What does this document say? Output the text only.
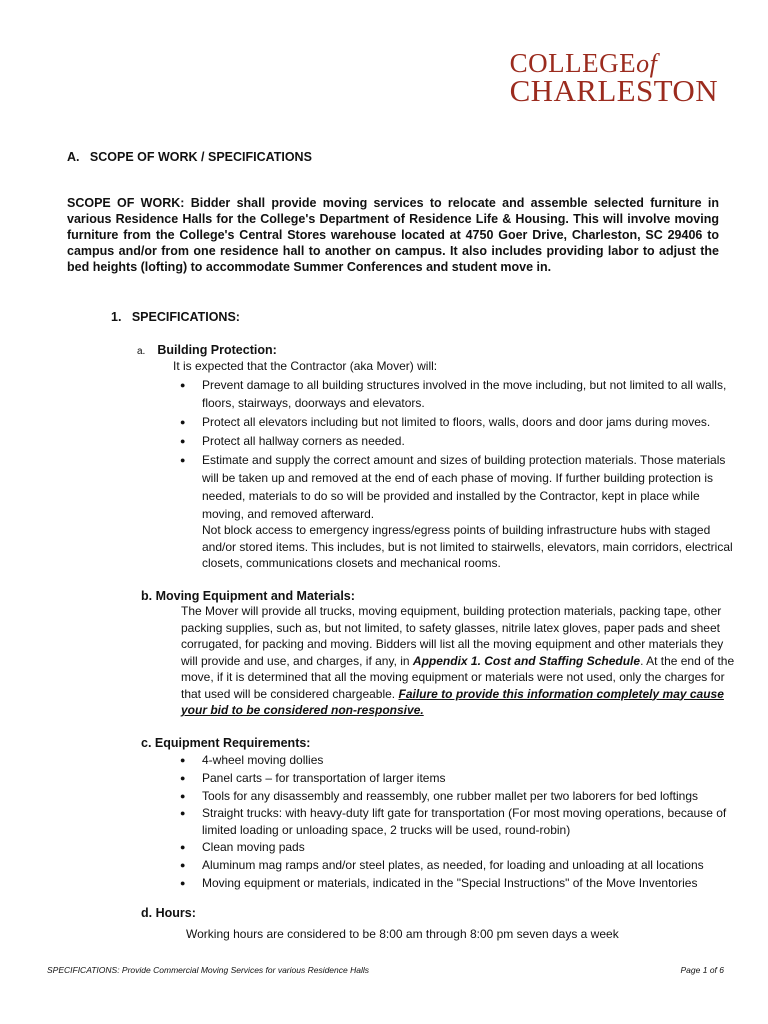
COLLEGEof
CHARLESTON
A.   SCOPE OF WORK / SPECIFICATIONS
SCOPE OF WORK: Bidder shall provide moving services to relocate and assemble selected furniture in various Residence Halls for the College's Department of Residence Life & Housing. This will involve moving furniture from the College's Central Stores warehouse located at 4750 Goer Drive, Charleston, SC 29406 to campus and/or from one residence hall to another on campus. It also includes providing labor to adjust the bed heights (lofting) to accommodate Summer Conferences and student move in.
1.   SPECIFICATIONS:
a. Building Protection:
It is expected that the Contractor (aka Mover) will:
● Prevent damage to all building structures involved in the move including, but not limited to all walls, floors, stairways, doorways and elevators.
● Protect all elevators including but not limited to floors, walls, doors and door jams during moves.
● Protect all hallway corners as needed.
● Estimate and supply the correct amount and sizes of building protection materials. Those materials will be taken up and removed at the end of each phase of moving. If further building protection is needed, materials to do so will be provided and installed by the Contractor, kept in place while moving, and removed afterward.
Not block access to emergency ingress/egress points of building infrastructure hubs with staged and/or stored items. This includes, but is not limited to stairwells, elevators, main corridors, electrical closets, communications closets and mechanical rooms.
b. Moving Equipment and Materials:
The Mover will provide all trucks, moving equipment, building protection materials, packing tape, other packing supplies, such as, but not limited, to safety glasses, nitrile latex gloves, paper pads and sheet corrugated, for packing and moving. Bidders will list all the moving equipment and other materials they will provide and use, and charges, if any, in Appendix 1. Cost and Staffing Schedule. At the end of the move, if it is determined that all the moving equipment or materials were not used, only the charges for that used will be considered chargeable. Failure to provide this information completely may cause your bid to be considered non-responsive.
c. Equipment Requirements:
● 4-wheel moving dollies
● Panel carts – for transportation of larger items
● Tools for any disassembly and reassembly, one rubber mallet per two laborers for bed loftings
● Straight trucks: with heavy-duty lift gate for transportation (For most moving operations, because of limited loading or unloading space, 2 trucks will be used, round-robin)
● Clean moving pads
● Aluminum mag ramps and/or steel plates, as needed, for loading and unloading at all locations
● Moving equipment or materials, indicated in the "Special Instructions" of the Move Inventories
d. Hours:
Working hours are considered to be 8:00 am through 8:00 pm seven days a week
SPECIFICATIONS: Provide Commercial Moving Services for various Residence Halls	Page 1 of 6
